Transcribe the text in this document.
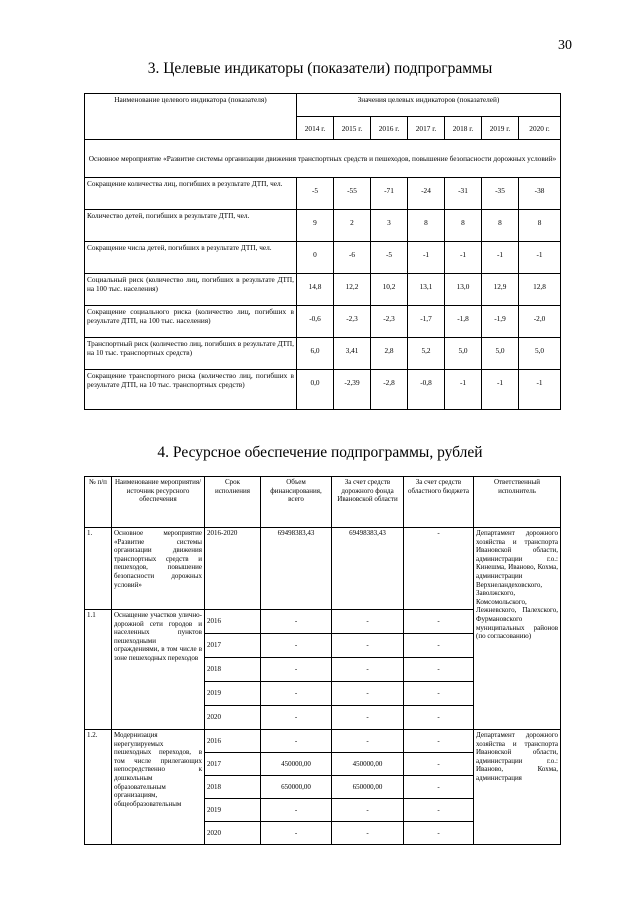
30
3. Целевые индикаторы (показатели) подпрограммы
Наименование целевого индикатора (показателя)	Значения целевых индикаторов (показателей)						
	2014 г.	2015 г.	2016 г.	2017 г.	2018 г.	2019 г.	2020 г.
Основное мероприятие «Развитие системы организации движения транспортных средств и пешеходов, повышение безопасности дорожных условий»							
Сокращение количества лиц, погибших в результате ДТП, чел.	-5	-55	-71	-24	-31	-35	-38
Количество детей, погибших в результате ДТП, чел.	9	2	3	8	8	8	8
Сокращение числа детей, погибших в результате ДТП, чел.	0	-6	-5	-1	-1	-1	-1
Социальный риск (количество лиц, погибших в результате ДТП, на 100 тыс. населения)	14,8	12,2	10,2	13,1	13,0	12,9	12,8
Сокращение социального риска (количество лиц, погибших в результате ДТП, на 100 тыс. населения)	-0,6	-2,3	-2,3	-1,7	-1,8	-1,9	-2,0
Транспортный риск (количество лиц, погибших в результате ДТП, на 10 тыс. транспортных средств)	6,0	3,41	2,8	5,2	5,0	5,0	5,0
Сокращение транспортного риска (количество лиц, погибших в результате ДТП, на 10 тыс. транспортных средств)	0,0	-2,39	-2,8	-0,8	-1	-1	-1
4. Ресурсное обеспечение подпрограммы, рублей
№ п/п	Наименование мероприятия/источник ресурсного обеспечения	Срок исполнения	Объем финансирования, всего	За счет средств дорожного фонда Ивановской области	За счет средств областного бюджета	Ответственный исполнитель
1.	Основное мероприятие «Развитие системы организации движения транспортных средств и пешеходов, повышение безопасности дорожных условий»	2016-2020	69498383,43	69498383,43	-	Департамент дорожного хозяйства и транспорта Ивановской области, администрации г.о.: Кинешма, Иваново, Кохма, администрации Верхнеландеховского, Заволжского, Комсомольского, Лежневского, Палехского, Фурмановского муниципальных районов (по согласованию)
1.1	Оснащение участков улично-дорожной сети городов и населенных пунктов пешеходными ограждениями, в том числе в зоне пешеходных переходов	2016	-	-	-	
		2017	-	-	-	
		2018	-	-	-	
		2019	-	-	-	
		2020	-	-	-	
1.2.	Модернизация нерегулируемых пешеходных переходов, в том числе прилегающих непосредственно к дошкольным образовательным организациям, общеобразовательным	2016	-	-	-	Департамент дорожного хозяйства и транспорта Ивановской области, администрации г.о.: Иваново, Кохма, администрация
		2017	450000,00	450000,00	-	
		2018	650000,00	650000,00	-	
		2019	-	-	-	
		2020	-	-	-	
